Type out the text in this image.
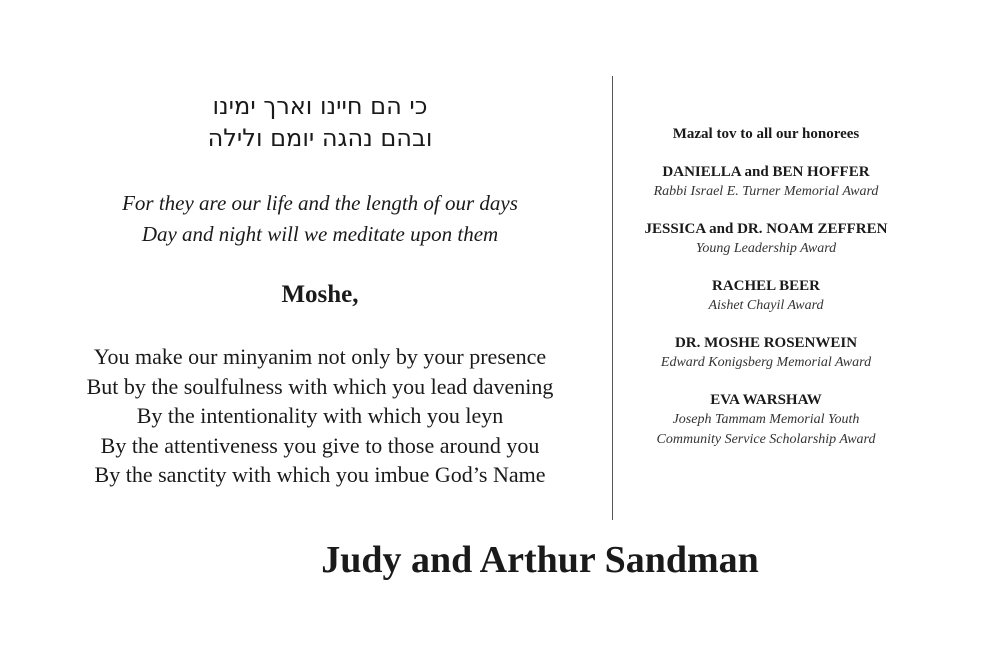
כי הם חיינו וארך ימינו
ובהם נהגה יומם ולילה
For they are our life and the length of our days
Day and night will we meditate upon them
Moshe,
You make our minyanim not only by your presence
But by the soulfulness with which you lead davening
By the intentionality with which you leyn
By the attentiveness you give to those around you
By the sanctity with which you imbue God’s Name
Mazal tov to all our honorees
DANIELLA and BEN HOFFER
Rabbi Israel E. Turner Memorial Award
JESSICA and DR. NOAM ZEFFREN
Young Leadership Award
RACHEL BEER
Aishet Chayil Award
DR. MOSHE ROSENWEIN
Edward Konigsberg Memorial Award
EVA WARSHAW
Joseph Tammam Memorial Youth
Community Service Scholarship Award
Judy and Arthur Sandman
